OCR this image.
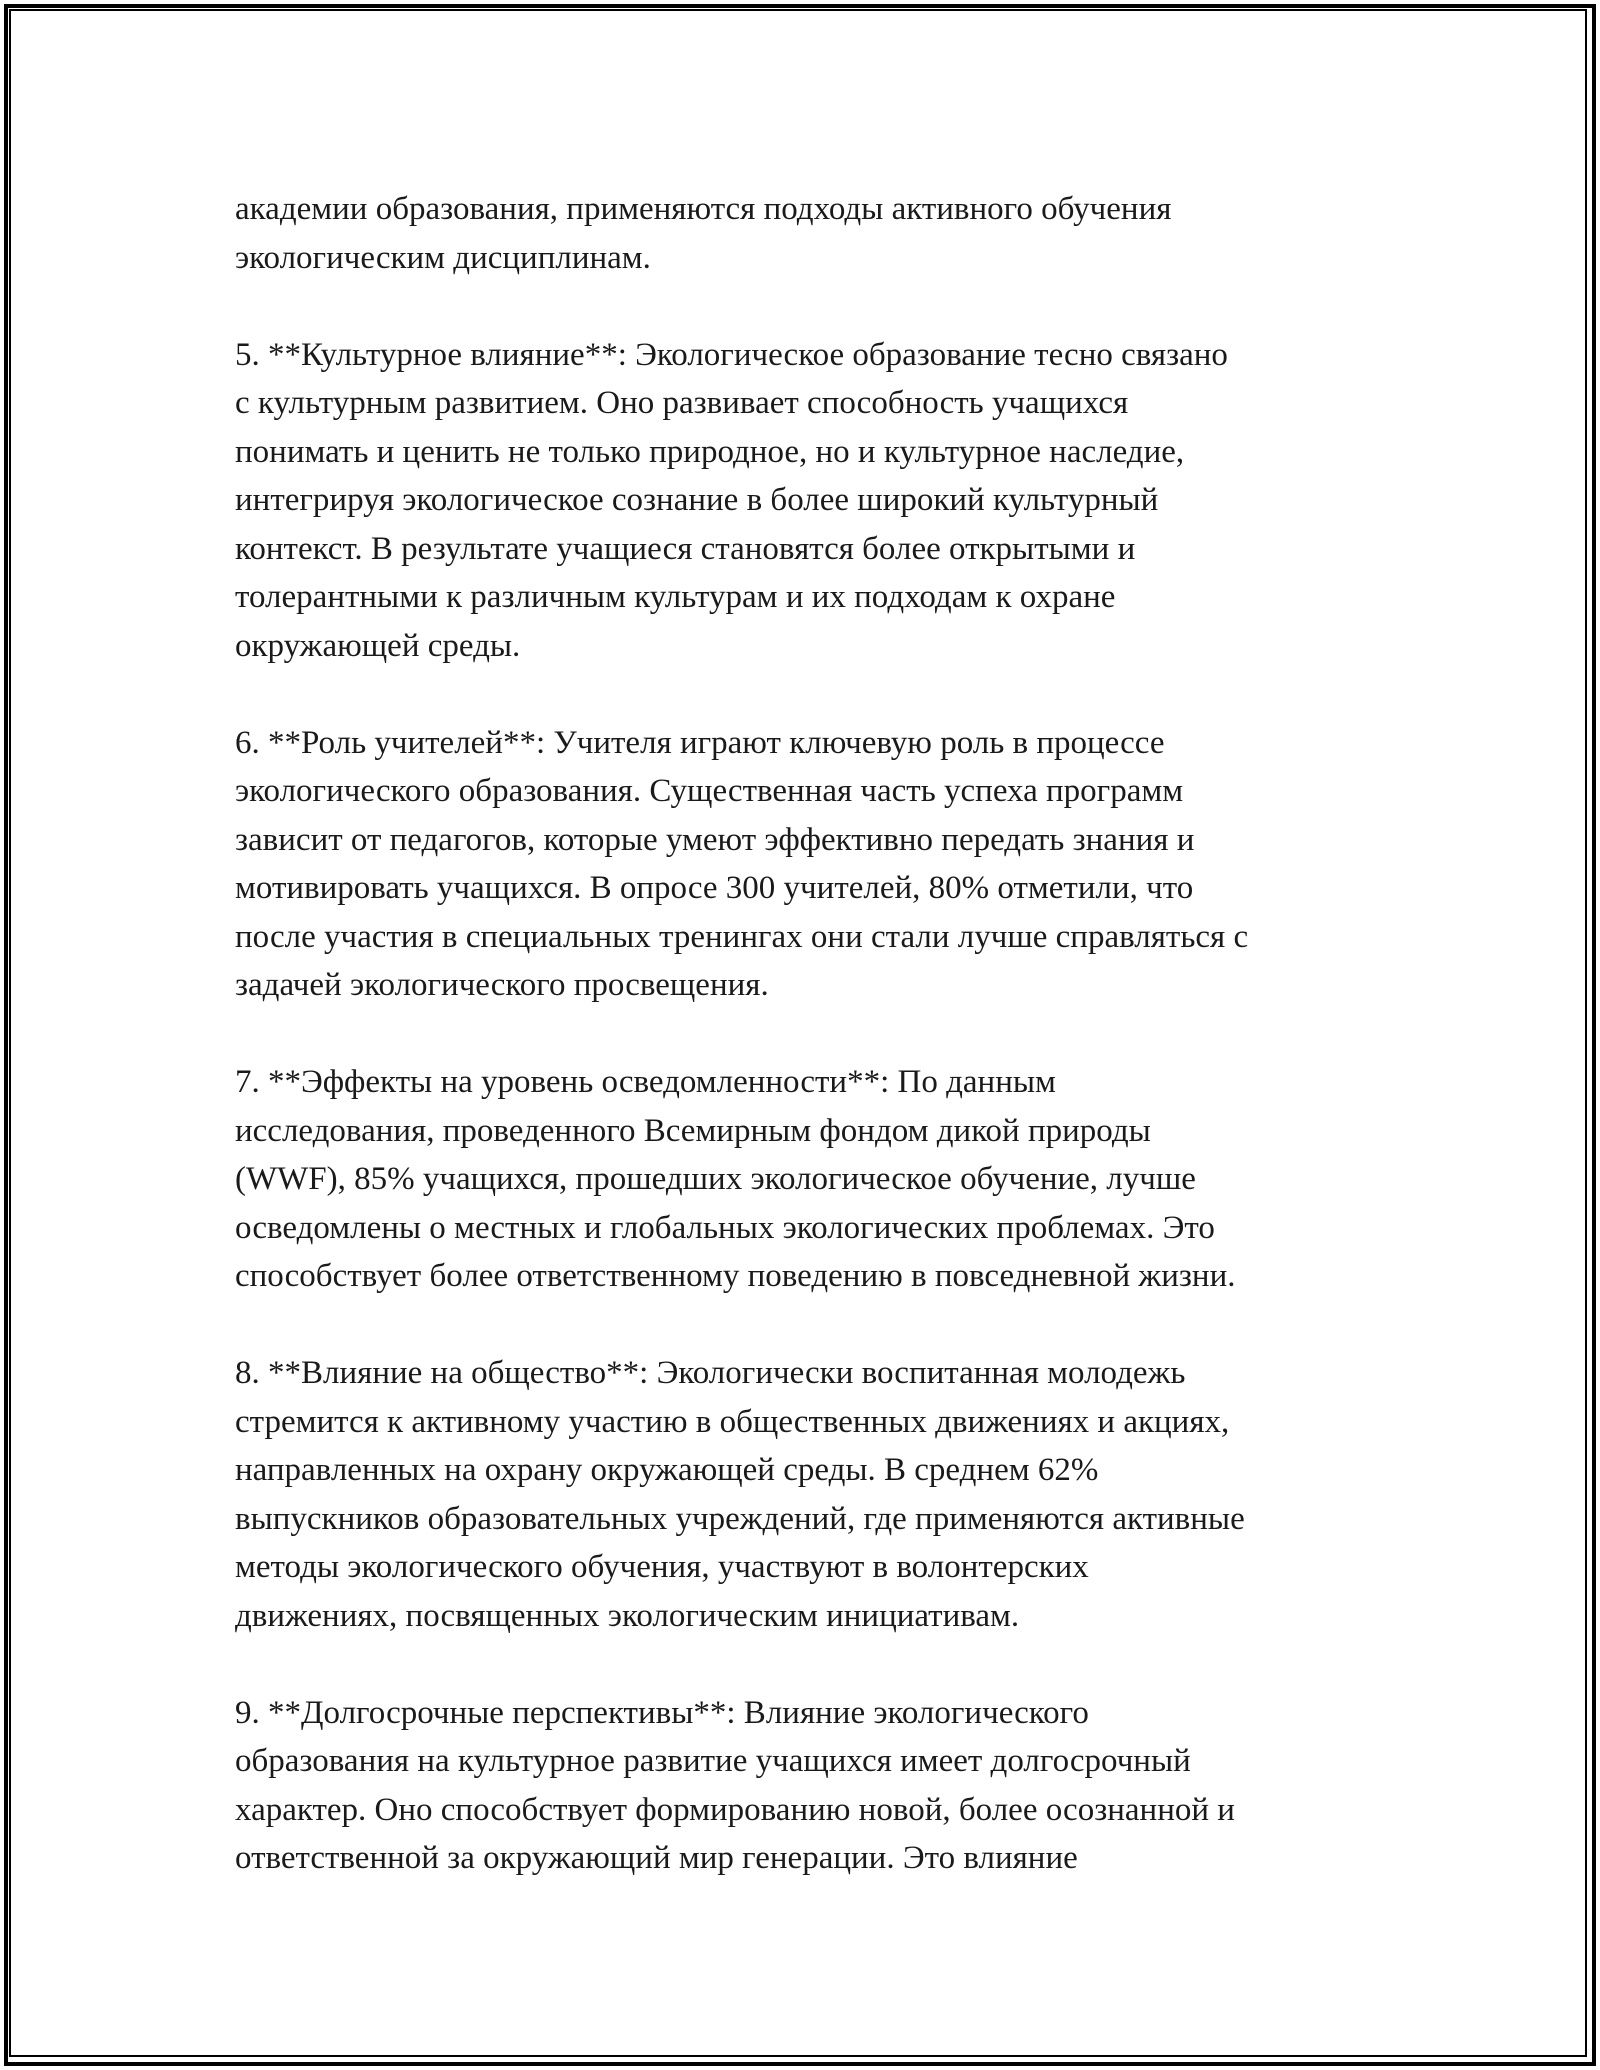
академии образования, применяются подходы активного обучения
экологическим дисциплинам.

5. **Культурное влияние**: Экологическое образование тесно связано
с культурным развитием. Оно развивает способность учащихся
понимать и ценить не только природное, но и культурное наследие,
интегрируя экологическое сознание в более широкий культурный
контекст. В результате учащиеся становятся более открытыми и
толерантными к различным культурам и их подходам к охране
окружающей среды.

6. **Роль учителей**: Учителя играют ключевую роль в процессе
экологического образования. Существенная часть успеха программ
зависит от педагогов, которые умеют эффективно передать знания и
мотивировать учащихся. В опросе 300 учителей, 80% отметили, что
после участия в специальных тренингах они стали лучше справляться с
задачей экологического просвещения.

7. **Эффекты на уровень осведомленности**: По данным
исследования, проведенного Всемирным фондом дикой природы
(WWF), 85% учащихся, прошедших экологическое обучение, лучше
осведомлены о местных и глобальных экологических проблемах. Это
способствует более ответственному поведению в повседневной жизни.

8. **Влияние на общество**: Экологически воспитанная молодежь
стремится к активному участию в общественных движениях и акциях,
направленных на охрану окружающей среды. В среднем 62%
выпускников образовательных учреждений, где применяются активные
методы экологического обучения, участвуют в волонтерских
движениях, посвященных экологическим инициативам.

9. **Долгосрочные перспективы**: Влияние экологического
образования на культурное развитие учащихся имеет долгосрочный
характер. Оно способствует формированию новой, более осознанной и
ответственной за окружающий мир генерации. Это влияние
